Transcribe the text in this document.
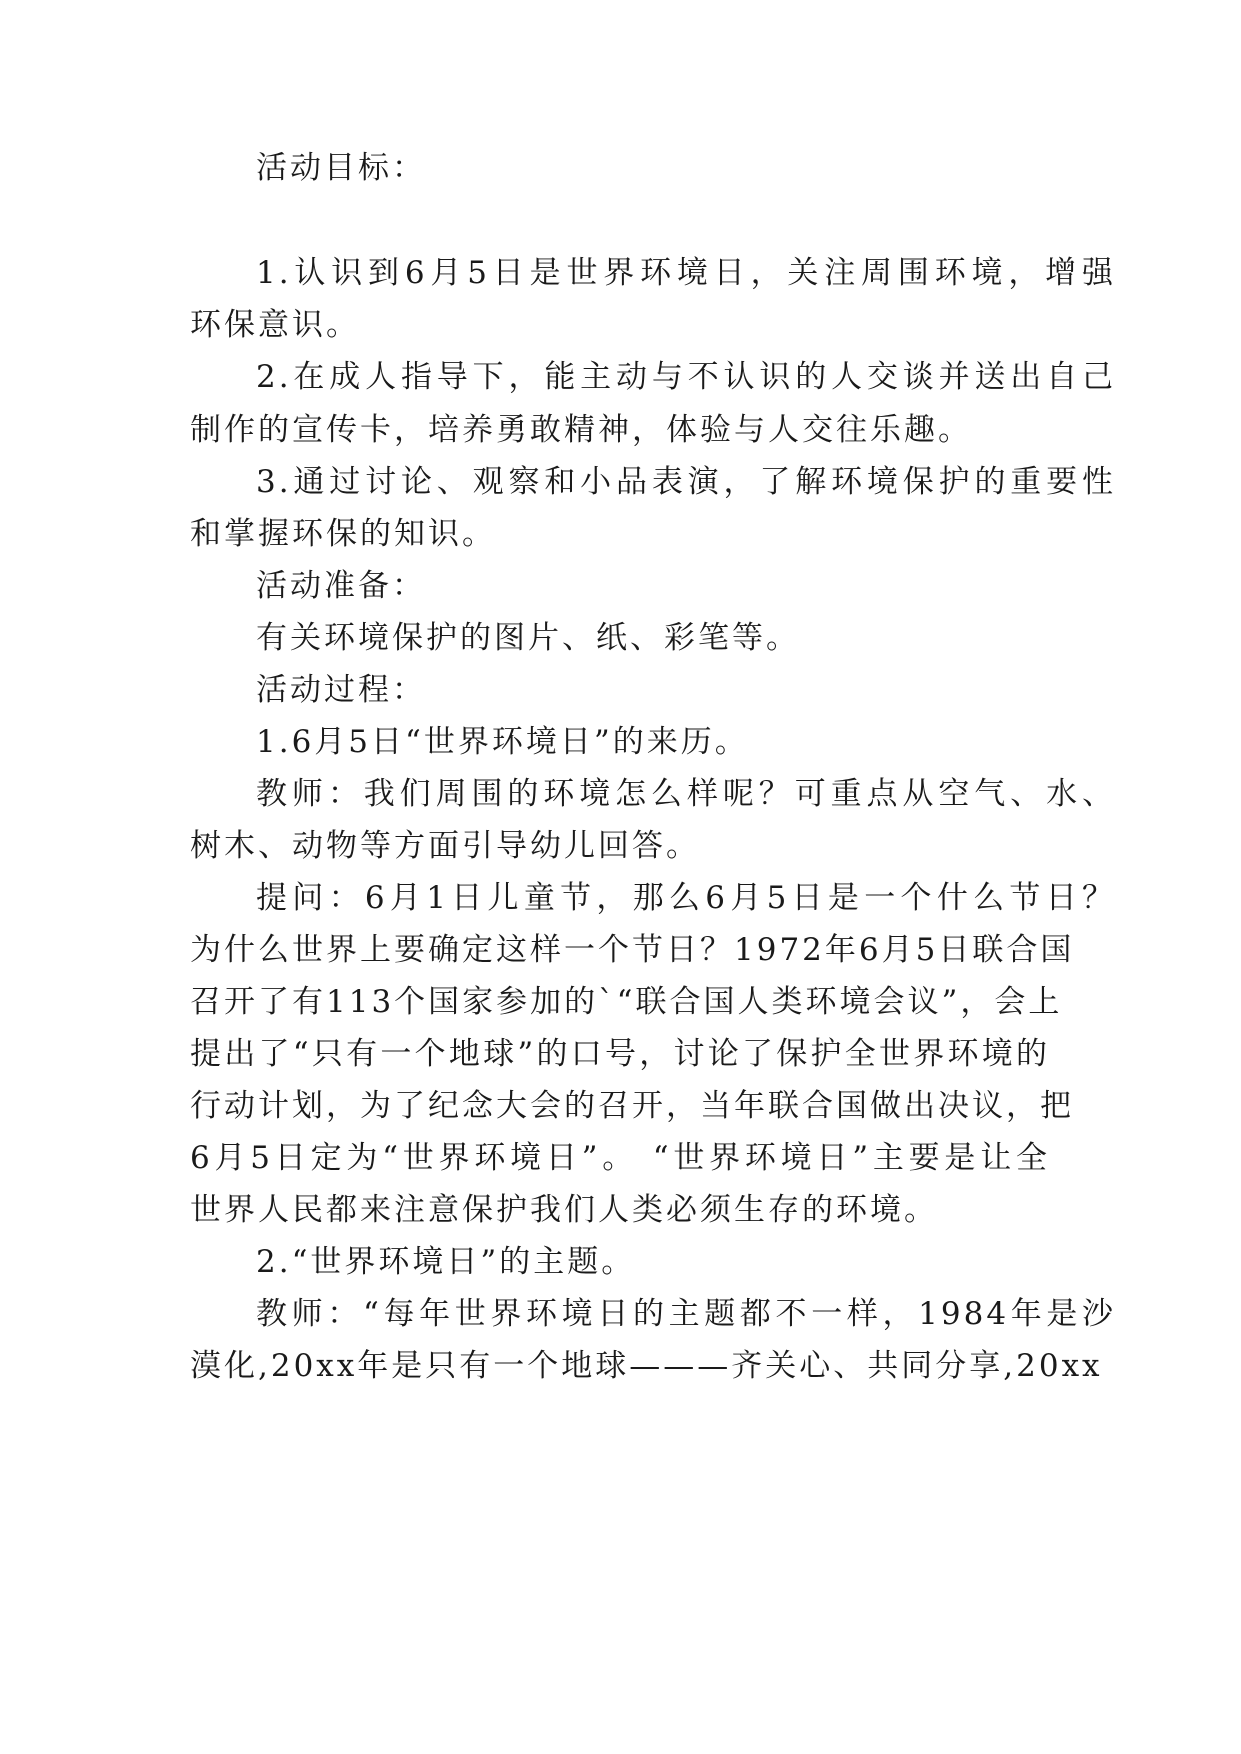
活动目标：
1.认识到6月5日是世界环境日，关注周围环境，增强
环保意识。
2.在成人指导下，能主动与不认识的人交谈并送出自己
制作的宣传卡，培养勇敢精神，体验与人交往乐趣。
3.通过讨论、观察和小品表演，了解环境保护的重要性
和掌握环保的知识。
活动准备：
有关环境保护的图片、纸、彩笔等。
活动过程：
1.6月5日“世界环境日”的来历。
教师：我们周围的环境怎么样呢？可重点从空气、水、
树木、动物等方面引导幼儿回答。
提问：6月1日儿童节，那么6月5日是一个什么节日？
为什么世界上要确定这样一个节日？1972年6月5日联合国
召开了有113个国家参加的`“联合国人类环境会议”，会上
提出了“只有一个地球”的口号，讨论了保护全世界环境的
行动计划，为了纪念大会的召开，当年联合国做出决议，把
6月5日定为“世界环境日”。 “世界环境日”主要是让全
世界人民都来注意保护我们人类必须生存的环境。
2.“世界环境日”的主题。
教师：“每年世界环境日的主题都不一样，1984年是沙
漠化,20xx年是只有一个地球———齐关心、共同分享,20xx
